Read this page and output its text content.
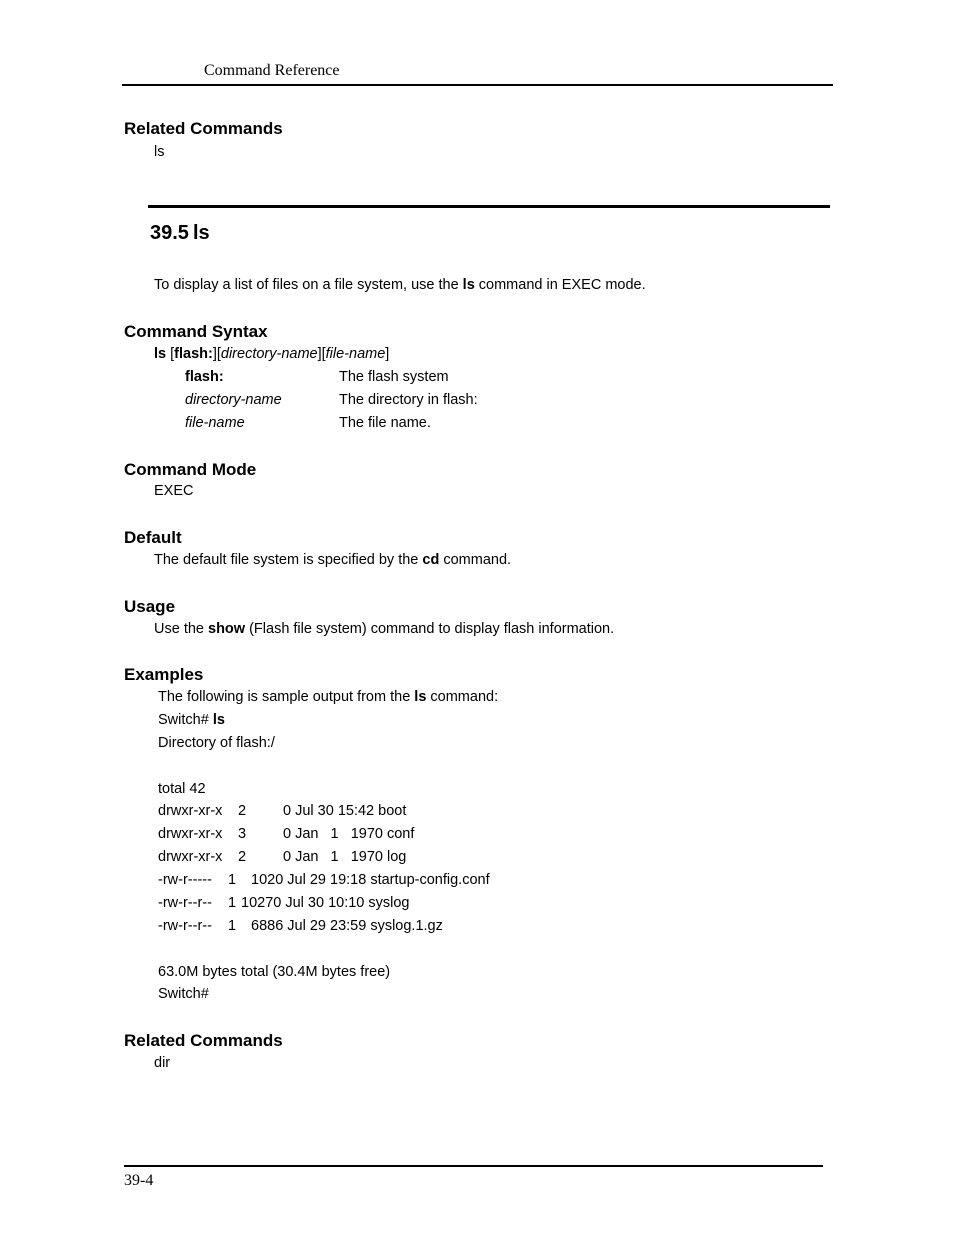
Command Reference
Related Commands
ls
39.5 ls
To display a list of files on a file system, use the ls command in EXEC mode.
Command Syntax
ls [flash:][directory-name][file-name]
flash:	The flash system
directory-name	The directory in flash:
file-name	The file name.
Command Mode
EXEC
Default
The default file system is specified by the cd command.
Usage
Use the show (Flash file system) command to display flash information.
Examples
The following is sample output from the ls command:
Switch# ls
Directory of flash:/
total 42
drwxr-xr-x 2	0 Jul 30 15:42 boot
drwxr-xr-x 3	0 Jan   1   1970 conf
drwxr-xr-x 2	0 Jan   1   1970 log
-rw-r----- 1 1020 Jul 29 19:18 startup-config.conf
-rw-r--r-- 1 10270 Jul 30 10:10 syslog
-rw-r--r-- 1 6886 Jul 29 23:59 syslog.1.gz
63.0M bytes total (30.4M bytes free)
Switch#
Related Commands
dir
39-4
